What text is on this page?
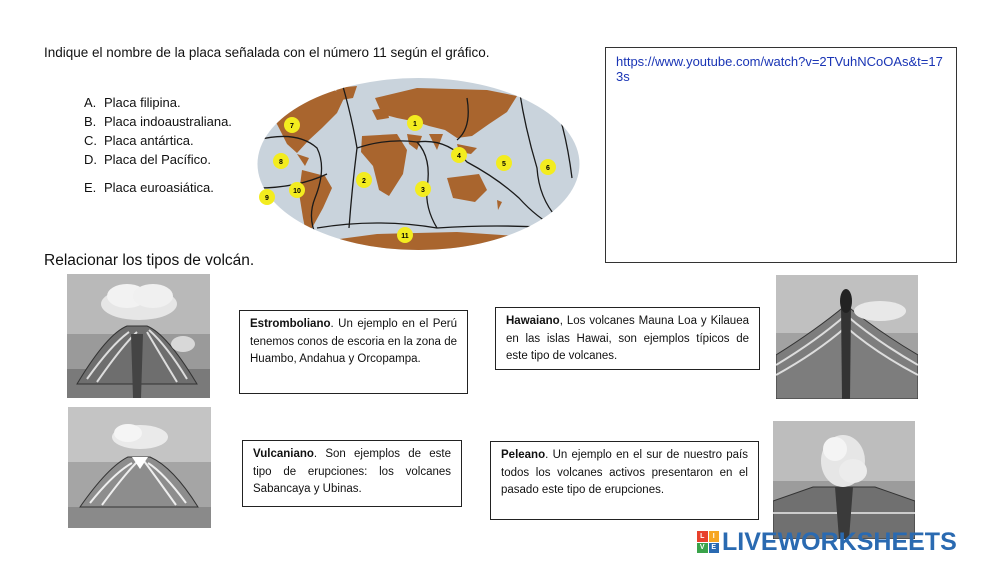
Indique el nombre de la placa señalada con el número 11 según el gráfico.
A. Placa filipina.
B. Placa indoaustraliana.
C. Placa antártica.
D. Placa del Pacífico.
E. Placa euroasiática.
1
2
3
4
5
6
7
8
9
10
11
https://www.youtube.com/watch?v=2TVuhNCoOAs&t=173s
Relacionar los tipos de volcán.
Estromboliano. Un ejemplo en el Perú tenemos conos de escoria en la zona de Huambo, Andahua y Orcopampa.
Hawaiano, Los volcanes Mauna Loa y Kilauea en las islas Hawai, son ejemplos típicos de este tipo de volcanes.
Vulcaniano. Son ejemplos de este tipo de erupciones: los volcanes Sabancaya y Ubinas.
Peleano. Un ejemplo en el sur de nuestro país todos los volcanes activos presentaron en el pasado este tipo de erupciones.
L	I
V E LIVEWORKSHEETS
